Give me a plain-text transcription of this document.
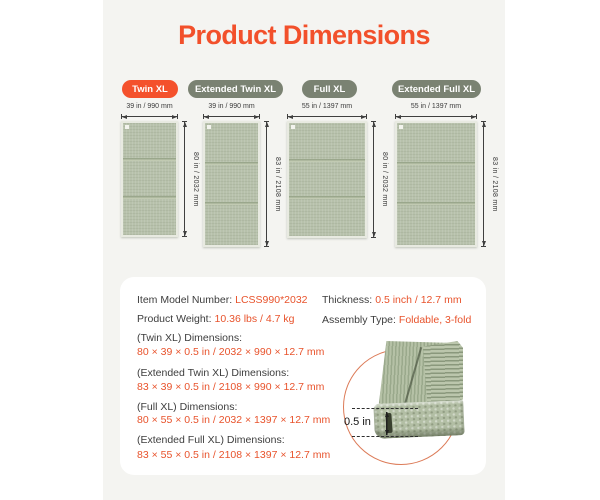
Product Dimensions
Twin XL	Extended Twin XL	Full XL	Extended Full XL
39 in / 990 mm
80 in / 2032 mm
39 in / 990 mm
83 in / 2108 mm
55 in / 1397 mm
80 in / 2032 mm
55 in / 1397 mm
83 in / 2108 mm
Item Model Number: LCSS990*2032
Product Weight: 10.36 lbs / 4.7 kg
Thickness: 0.5 inch / 12.7 mm
Assembly Type: Foldable, 3-fold
(Twin XL) Dimensions:
80 × 39 × 0.5 in / 2032 × 990 × 12.7 mm
(Extended Twin XL) Dimensions:
83 × 39 × 0.5 in / 2108 × 990 × 12.7 mm
(Full XL) Dimensions:
80 × 55 × 0.5 in / 2032 × 1397 × 12.7 mm
(Extended Full XL) Dimensions:
83 × 55 × 0.5 in / 2108 × 1397 × 12.7 mm
0.5 in
